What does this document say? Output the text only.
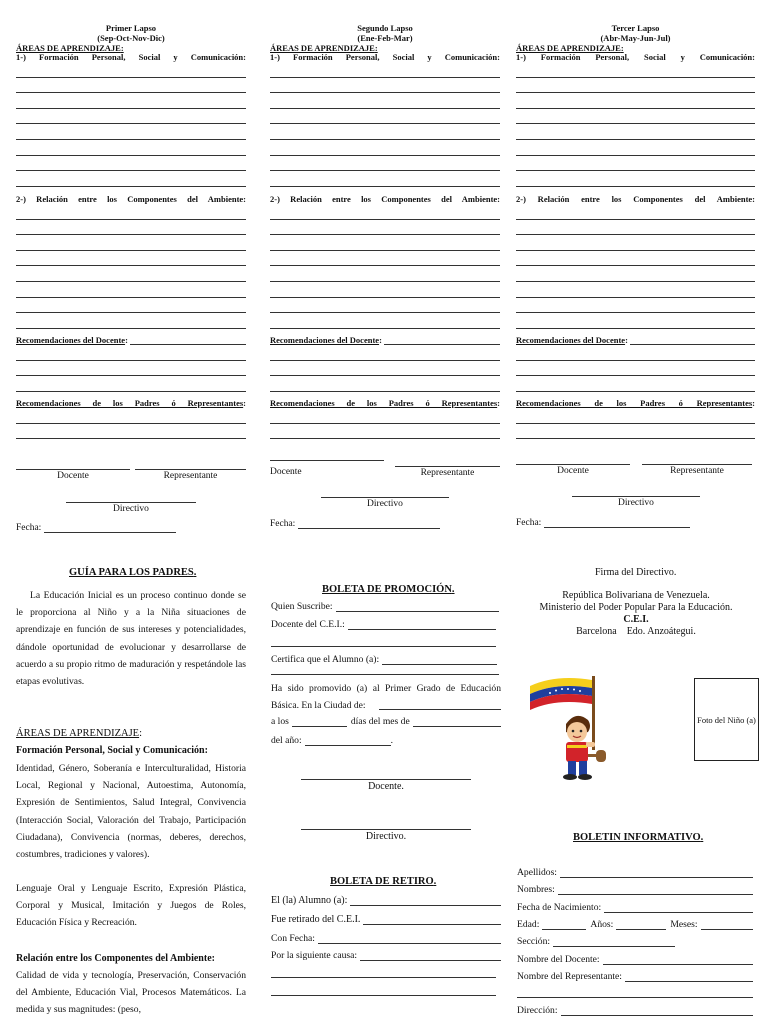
Primer Lapso
(Sep-Oct-Nov-Dic)
ÁREAS DE APRENDIZAJE:
1-) Formación Personal, Social y Comunicación:
2-) Relación entre los Componentes del Ambiente:
Recomendaciones del Docente :
Recomendaciones de los Padres ó Representantes :
Docente	Representante
Directivo
Fecha:
Segundo Lapso
(Ene-Feb-Mar)
ÁREAS DE APRENDIZAJE:
1-) Formación Personal, Social y Comunicación:
2-) Relación entre los Componentes del Ambiente:
Recomendaciones del Docente :
Recomendaciones de los Padres ó Representantes :
Docente	Representante
Directivo
Fecha:
Tercer Lapso
(Abr-May-Jun-Jul)
ÁREAS DE APRENDIZAJE:
1-) Formación Personal, Social y Comunicación:
2-) Relación entre los Componentes del Ambiente:
Recomendaciones del Docente :
Recomendaciones de los Padres ó Representantes :
Docente	Representante
Directivo
Fecha:
GUÍA PARA LOS PADRES.
La Educación Inicial es un proceso continuo donde se le proporciona al Niño y a la Niña situaciones de aprendizaje en función de sus intereses y potencialidades, dándole oportunidad de evolucionar y desarrollarse de acuerdo a su propio ritmo de maduración y respetándole las etapas evolutivas.
ÁREAS DE APRENDIZAJE:
Formación Personal, Social y Comunicación:
Identidad, Género, Soberanía e Interculturalidad, Historia Local, Regional y Nacional, Autoestima, Autonomía, Expresión de Sentimientos, Salud Integral, Convivencia (Interacción Social, Valoración del Trabajo, Participación Ciudadana), Convivencia (normas, deberes, derechos, costumbres, tradiciones y valores).
Lenguaje Oral y Lenguaje Escrito, Expresión Plástica, Corporal y Musical, Imitación y Juegos de Roles, Educación Física y Recreación.
Relación entre los Componentes del Ambiente:
Calidad de vida y tecnología, Preservación, Conservación del Ambiente, Educación Vial, Procesos Matemáticos. La medida y sus magnitudes: (peso,
BOLETA DE PROMOCIÓN.
Quien Suscribe:
Docente del C.E.I.:
Certifica que el Alumno (a):
Ha sido promovido (a) al Primer Grado de Educación Básica. En la Ciudad de:
a los	días del mes de
del año:	.
Docente.
Directivo.
BOLETA DE RETIRO.
El (la) Alumno (a):
Fue retirado del C.E.I.
Con Fecha:
Por la siguiente causa:
Firma del Directivo.
República Bolivariana de Venezuela.
Ministerio del Poder Popular Para la Educación.
C.E.I.
Barcelona Edo. Anzoátegui.
Foto del Niño (a)
BOLETIN INFORMATIVO.
Apellidos:
Nombres:
Fecha de Nacimiento:
Edad:	Años:	Meses:
Sección:
Nombre del Docente:
Nombre del Representante:
Dirección:
